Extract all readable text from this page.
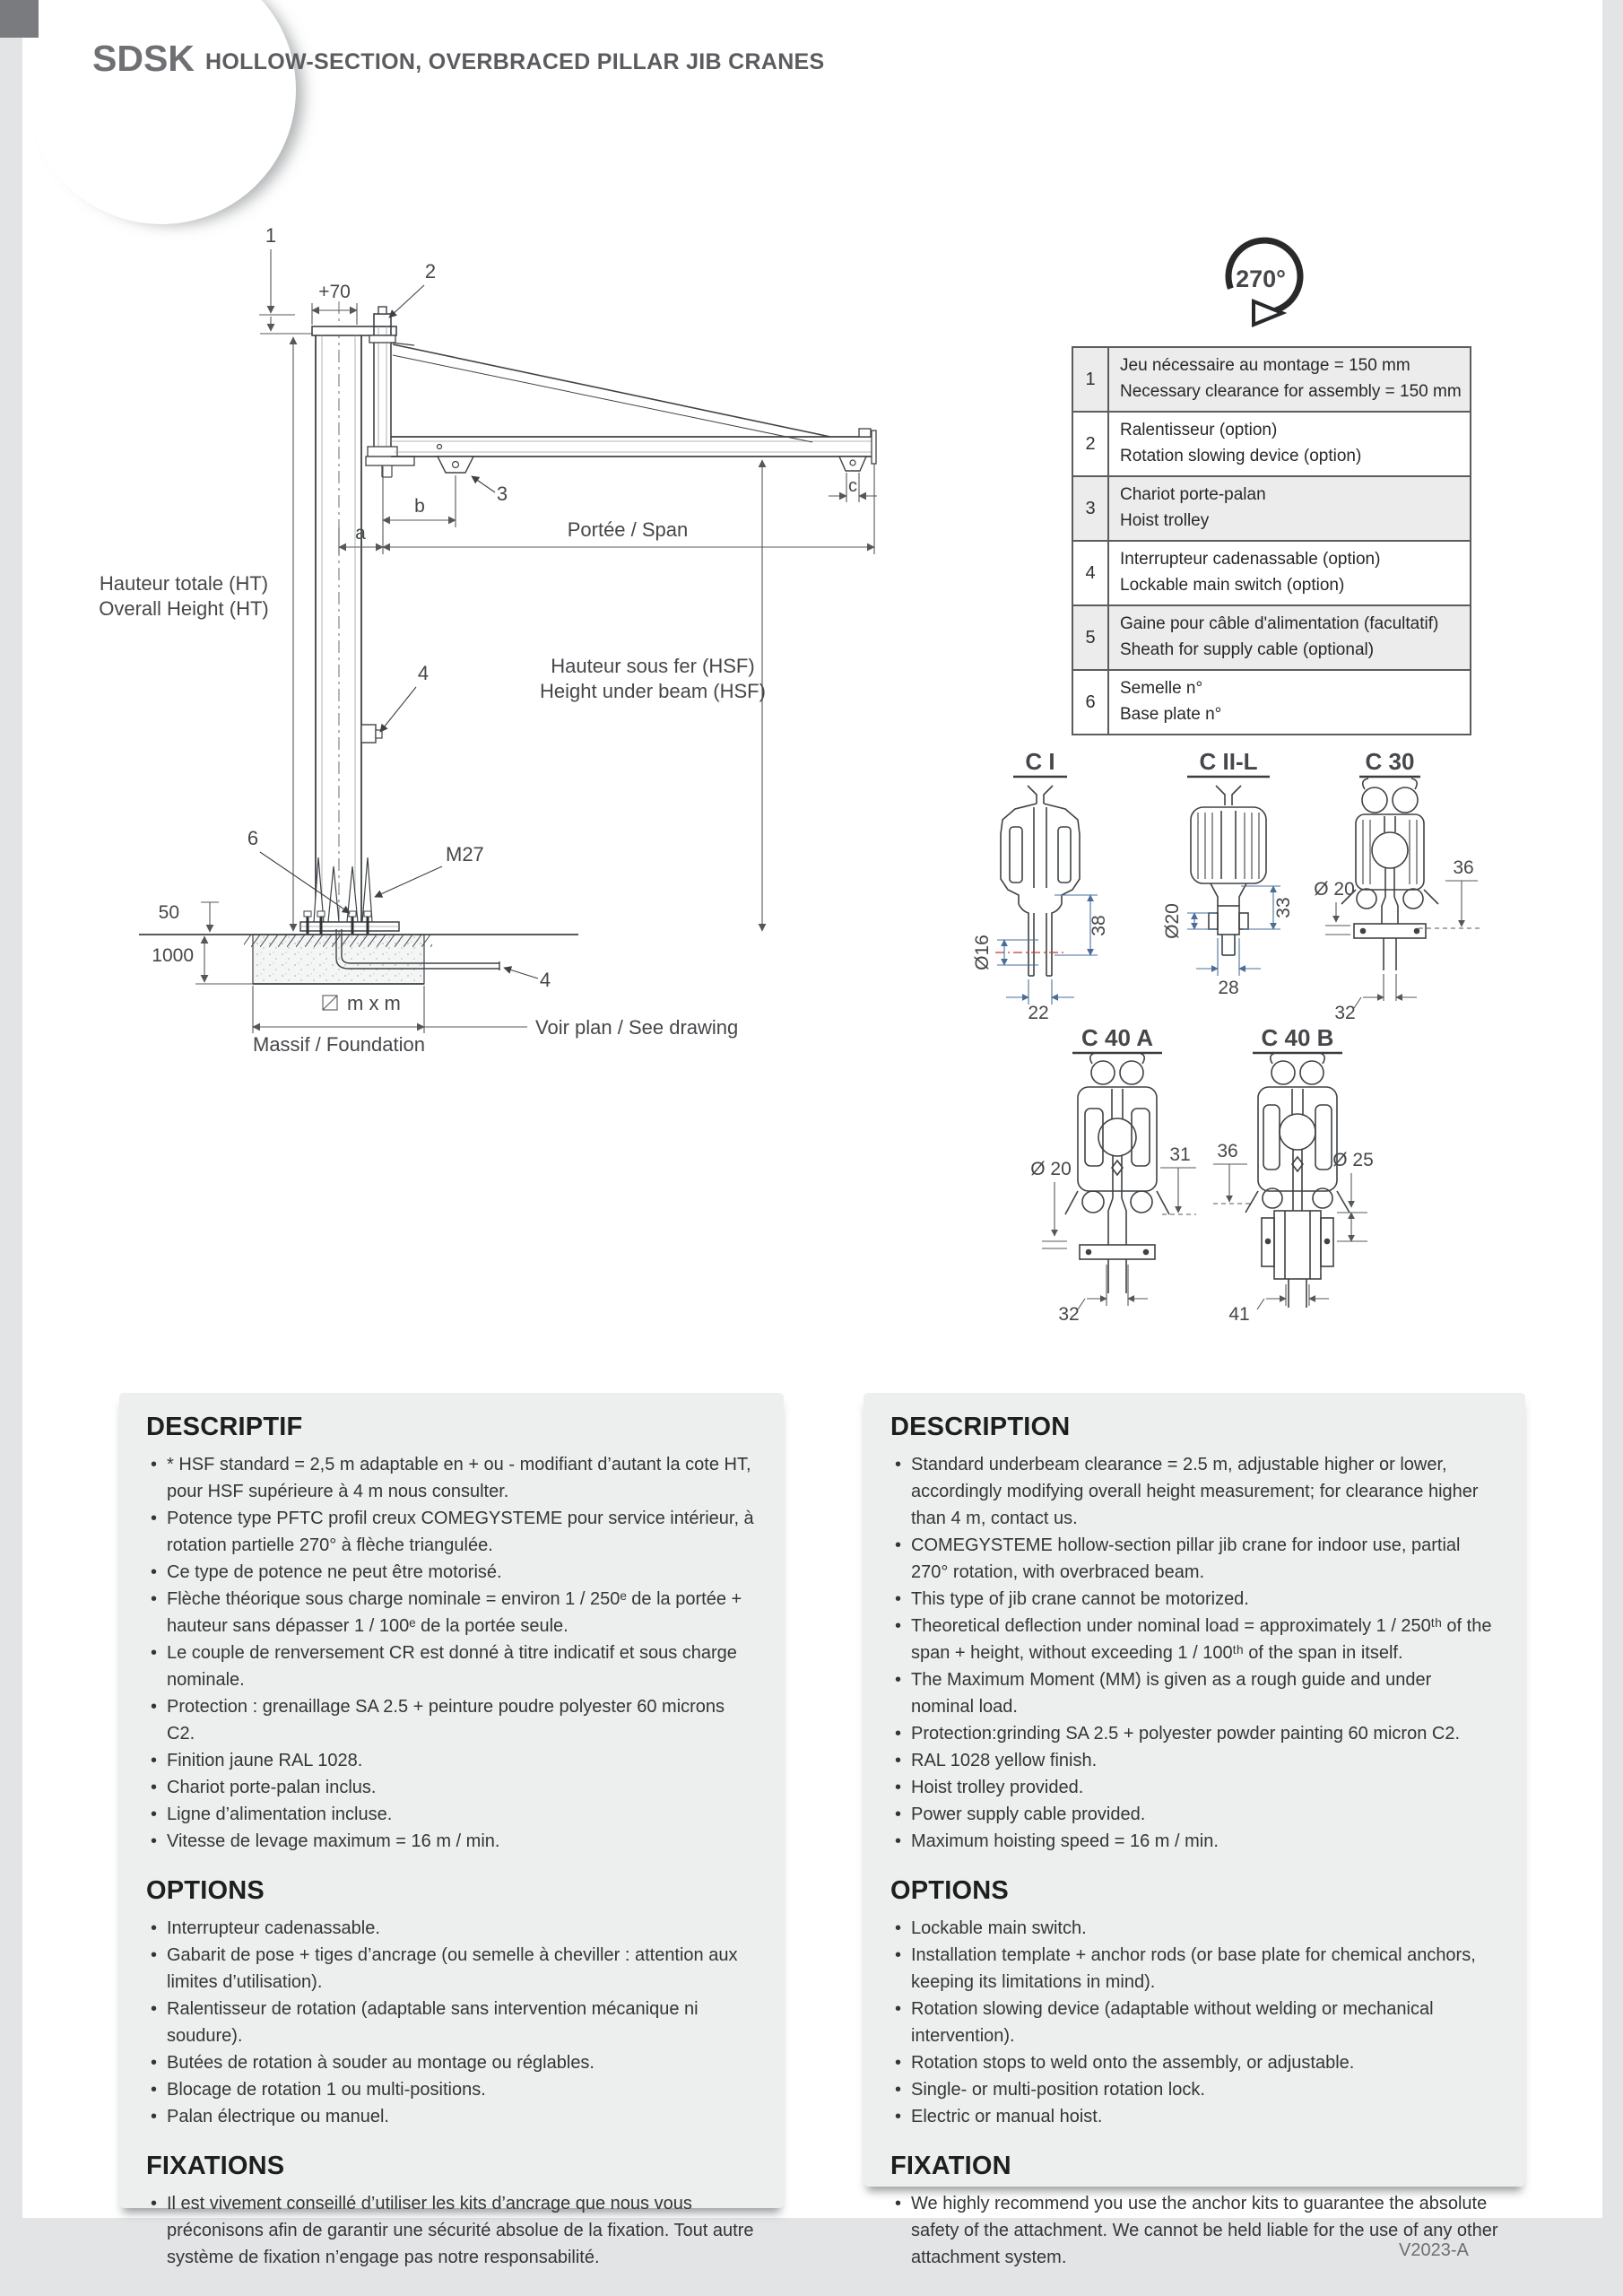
SDSK HOLLOW-SECTION, OVERBRACED PILLAR JIB CRANES
1
+70
2
3
a
b
c
Portée / Span
Hauteur totale (HT)
Overall Height (HT)
Hauteur sous fer (HSF)
Height under beam (HSF)
4
6
M27
50
1000
4
m x m
Massif / Foundation
Voir plan / See drawing
270°
1
Jeu nécessaire au montage = 150 mm
Necessary clearance for assembly = 150 mm
2
Ralentisseur (option)
Rotation slowing device (option)
3
Chariot porte-palan
Hoist trolley
4
Interrupteur cadenassable (option)
Lockable main switch (option)
5
Gaine pour câble d'alimentation (facultatif)
Sheath for supply cable (optional)
6
Semelle n°
Base plate n°
C I
38
Ø16
22
C II-L
Ø20	33
28
C 30
Ø 20
36
32
C 40 A
Ø 20
31
32
C 40 B
36	Ø 25
41
DESCRIPTIF
• * HSF standard = 2,5 m adaptable en + ou - modifiant d’autant la cote HT, pour HSF supérieure à 4 m nous consulter.
• Potence type PFTC profil creux COMEGYSTEME pour service intérieur, à rotation partielle 270° à flèche triangulée.
• Ce type de potence ne peut être motorisé.
• Flèche théorique sous charge nominale = environ 1 / 250ᵉ de la portée + hauteur sans dépasser 1 / 100ᵉ de la portée seule.
• Le couple de renversement CR est donné à titre indicatif et sous charge nominale.
• Protection : grenaillage SA 2.5 + peinture poudre polyester 60 microns C2.
• Finition jaune RAL 1028.
• Chariot porte-palan inclus.
• Ligne d’alimentation incluse.
• Vitesse de levage maximum = 16 m / min.
OPTIONS
• Interrupteur cadenassable.
• Gabarit de pose + tiges d’ancrage (ou semelle à cheviller : attention aux limites d’utilisation).
• Ralentisseur de rotation (adaptable sans intervention mécanique ni soudure).
• Butées de rotation à souder au montage ou réglables.
• Blocage de rotation 1 ou multi-positions.
• Palan électrique ou manuel.
FIXATIONS
• Il est vivement conseillé d’utiliser les kits d’ancrage que nous vous préconisons afin de garantir une sécurité absolue de la fixation. Tout autre système de fixation n’engage pas notre responsabilité.
DESCRIPTION
• Standard underbeam clearance = 2.5 m, adjustable higher or lower, accordingly modifying overall height measurement; for clearance higher than 4 m, contact us.
• COMEGYSTEME hollow-section pillar jib crane for indoor use, partial 270° rotation, with overbraced beam.
• This type of jib crane cannot be motorized.
• Theoretical deflection under nominal load = approximately 1 / 250ᵗʰ of the span + height, without exceeding 1 / 100ᵗʰ of the span in itself.
• The Maximum Moment (MM) is given as a rough guide and under nominal load.
• Protection:grinding SA 2.5 + polyester powder painting 60 micron C2.
• RAL 1028 yellow finish.
• Hoist trolley provided.
• Power supply cable provided.
• Maximum hoisting speed = 16 m / min.
OPTIONS
• Lockable main switch.
• Installation template + anchor rods (or base plate for chemical anchors, keeping its limitations in mind).
• Rotation slowing device (adaptable without welding or mechanical intervention).
• Rotation stops to weld onto the assembly, or adjustable.
• Single- or multi-position rotation lock.
• Electric or manual hoist.
FIXATION
• We highly recommend you use the anchor kits to guarantee the absolute safety of the attachment. We cannot be held liable for the use of any other attachment system.	V2023-A
